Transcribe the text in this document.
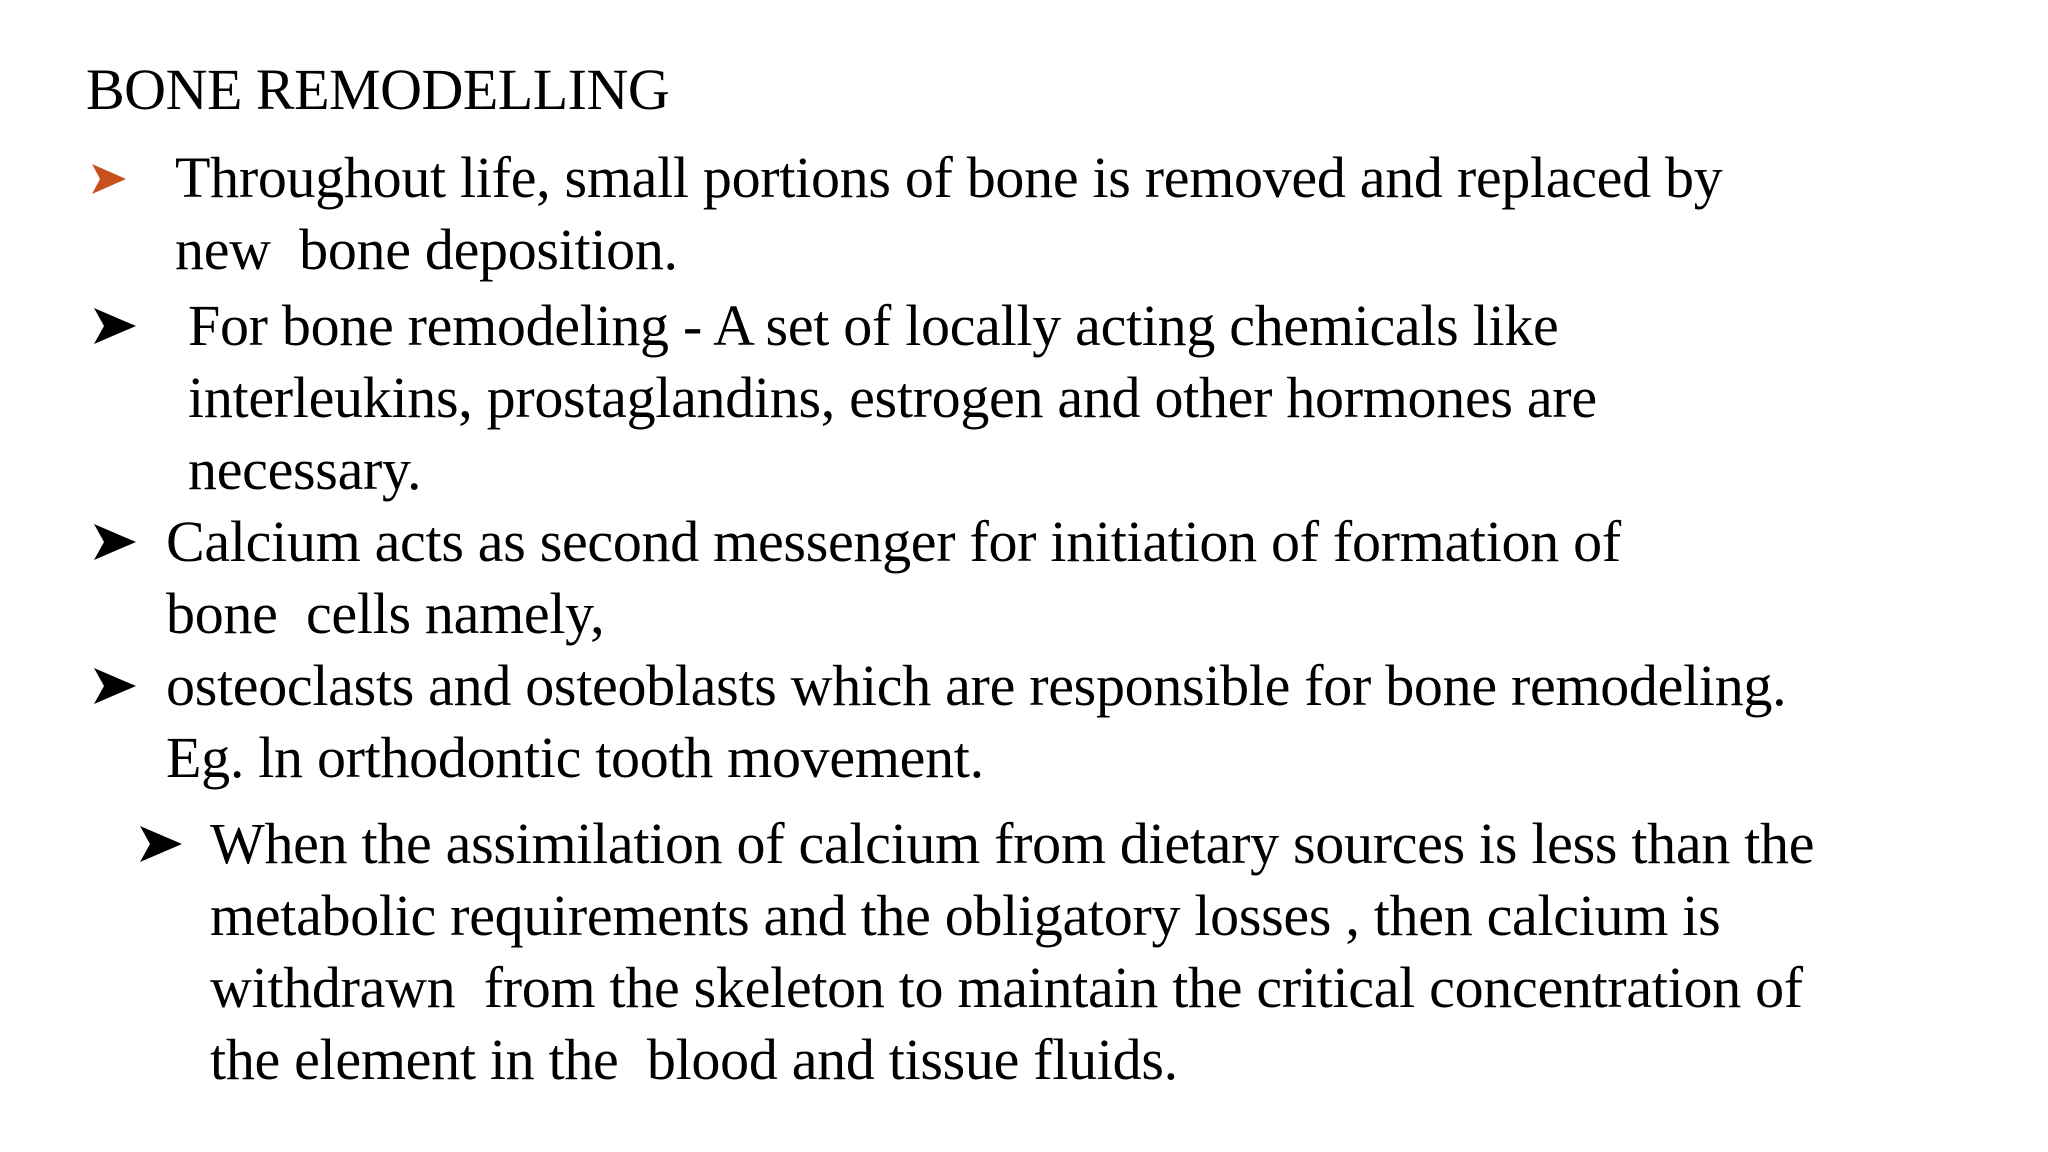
BONE REMODELLING
Throughout life, small portions of bone is removed and replaced by
new  bone deposition.
For bone remodeling - A set of locally acting chemicals like
interleukins, prostaglandins, estrogen and other hormones are
necessary.
Calcium acts as second messenger for initiation of formation of
bone  cells namely,
osteoclasts and osteoblasts which are responsible for bone remodeling.
Eg. ln orthodontic tooth movement.
When the assimilation of calcium from dietary sources is less than the
metabolic requirements and the obligatory losses , then calcium is
withdrawn  from the skeleton to maintain the critical concentration of
the element in the  blood and tissue fluids.
